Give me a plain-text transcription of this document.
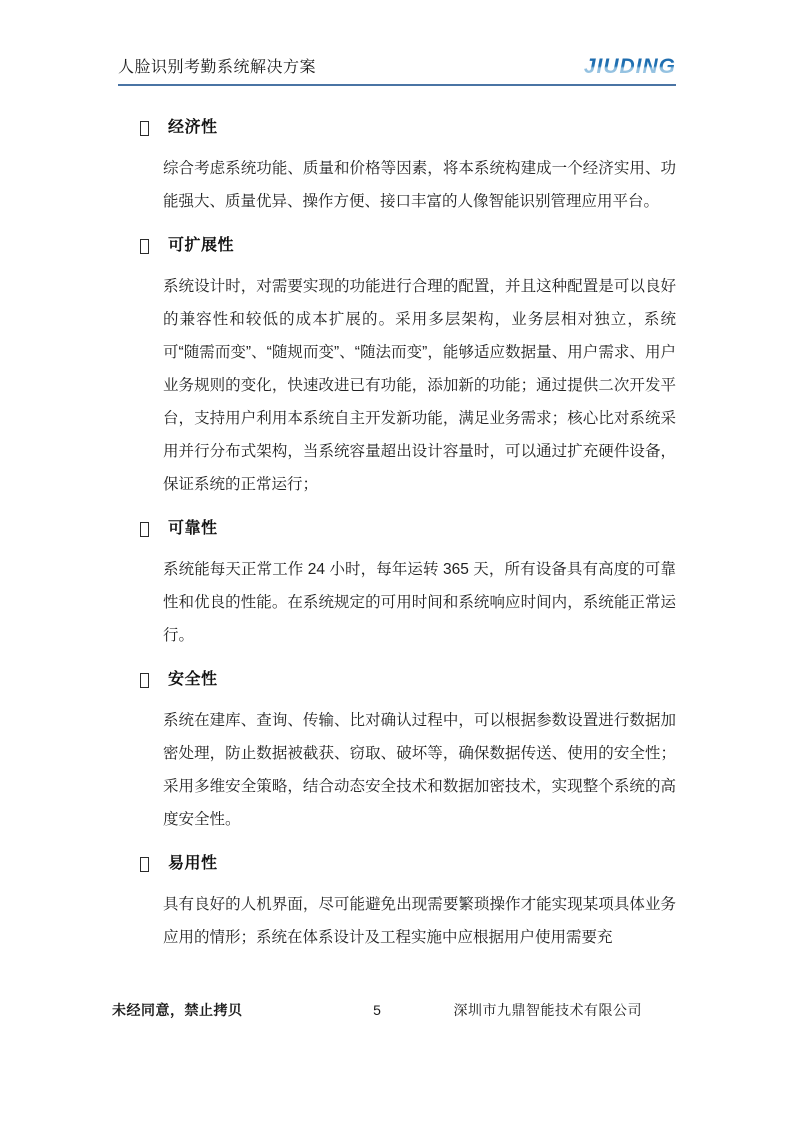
人脸识别考勤系统解决方案	JIUDING
经济性

综合考虑系统功能、质量和价格等因素，将本系统构建成一个经济实用、功能强大、质量优异、操作方便、接口丰富的人像智能识别管理应用平台。

可扩展性

系统设计时，对需要实现的功能进行合理的配置，并且这种配置是可以良好的兼容性和较低的成本扩展的。采用多层架构，业务层相对独立，系统可“随需而变”、“随规而变”、“随法而变”，能够适应数据量、用户需求、用户业务规则的变化，快速改进已有功能，添加新的功能；通过提供二次开发平台，支持用户利用本系统自主开发新功能，满足业务需求；核心比对系统采用并行分布式架构，当系统容量超出设计容量时，可以通过扩充硬件设备，保证系统的正常运行；

可靠性

系统能每天正常工作 24 小时，每年运转 365 天，所有设备具有高度的可靠性和优良的性能。在系统规定的可用时间和系统响应时间内，系统能正常运行。

安全性

系统在建库、查询、传输、比对确认过程中，可以根据参数设置进行数据加密处理，防止数据被截获、窃取、破坏等，确保数据传送、使用的安全性；采用多维安全策略，结合动态安全技术和数据加密技术，实现整个系统的高度安全性。

易用性

具有良好的人机界面，尽可能避免出现需要繁琐操作才能实现某项具体业务应用的情形；系统在体系设计及工程实施中应根据用户使用需要充

未经同意，禁止拷贝	5	深圳市九鼎智能技术有限公司
